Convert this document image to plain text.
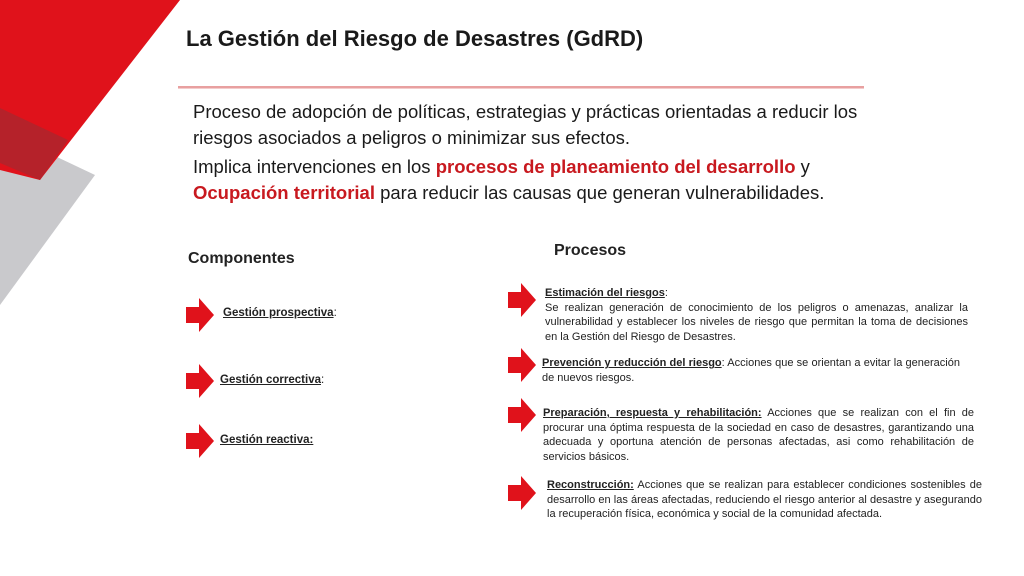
La Gestión del Riesgo de Desastres (GdRD)

Proceso de adopción de políticas, estrategias y prácticas orientadas a reducir los riesgos asociados a peligros o minimizar sus efectos.

Implica intervenciones en los procesos de planeamiento del desarrollo y
Ocupación territorial para reducir las causas que generan vulnerabilidades.

Componentes
Gestión prospectiva:
Gestión correctiva:
Gestión reactiva:
Procesos
Estimación del riesgos:
Se realizan generación de conocimiento de los peligros o amenazas, analizar la vulnerabilidad y establecer los niveles de riesgo que permitan la toma de decisiones en la Gestión del Riesgo de Desastres.
Prevención y reducción del riesgo: Acciones que se orientan a evitar la generación de nuevos riesgos.
Preparación, respuesta y rehabilitación: Acciones que se realizan con el fin de procurar una óptima respuesta de la sociedad en caso de desastres, garantizando una adecuada y oportuna atención de personas afectadas, asi como rehabilitación de servicios básicos.
Reconstrucción: Acciones que se realizan para establecer condiciones sostenibles de desarrollo en las áreas afectadas, reduciendo el riesgo anterior al desastre y asegurando la recuperación física, económica y social de la comunidad afectada.
